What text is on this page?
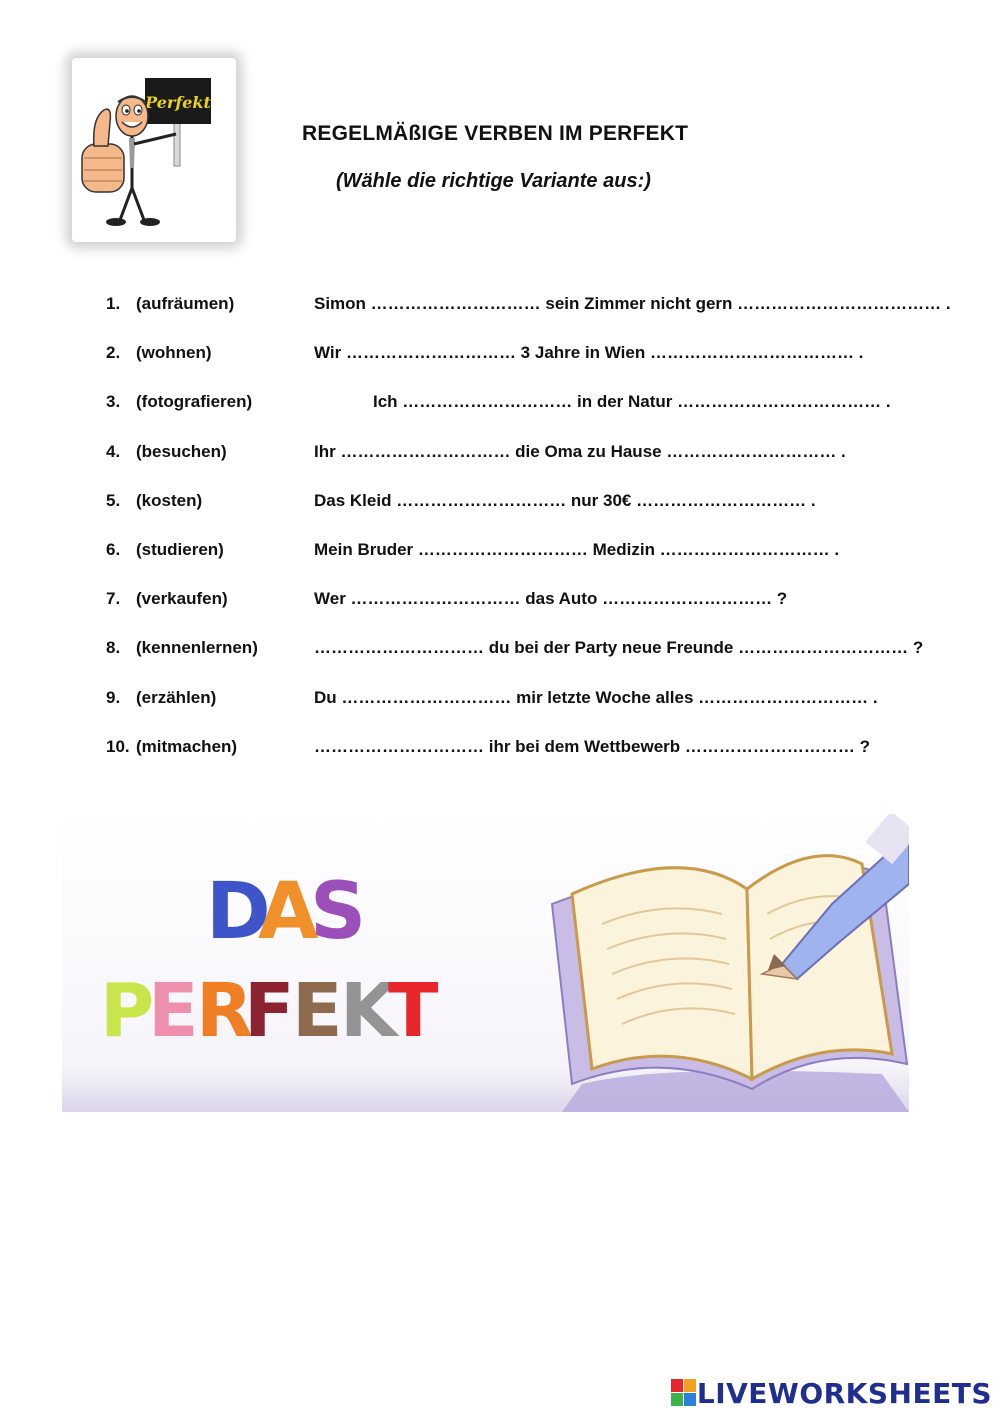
Perfekt
REGELMÄßIGE VERBEN IM PERFEKT
(Wähle die richtige Variante aus:)
1. (aufräumen)	Simon ………………………… sein Zimmer nicht gern ……………………………… .
2. (wohnen)	Wir ………………………… 3 Jahre in Wien ……………………………… .
3. (fotografieren)	Ich ………………………… in der Natur ……………………………… .
4. (besuchen)	Ihr ………………………… die Oma zu Hause ………………………… .
5. (kosten)	Das Kleid ………………………… nur 30€ ………………………… .
6. (studieren)	Mein Bruder ………………………… Medizin ………………………… .
7. (verkaufen)	Wer ………………………… das Auto ………………………… ?
8. (kennenlernen)	………………………… du bei der Party neue Freunde ………………………… ?
9. (erzählen)	Du ………………………… mir letzte Woche alles ………………………… .
10. (mitmachen)	………………………… ihr bei dem Wettbewerb ………………………… ?
D
A
S
P
E
R
F
E
K
T
LIVEWORKSHEETS
